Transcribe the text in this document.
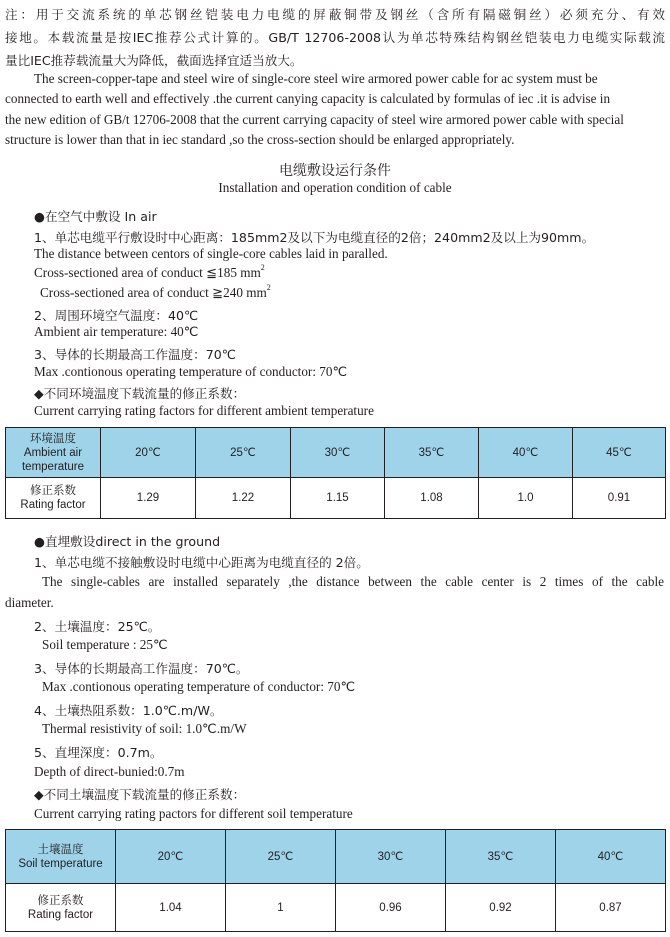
注：用于交流系统的单芯钢丝铠装电力电缆的屏蔽铜带及钢丝（含所有隔磁铜丝）必须充分、有效

接地。本载流量是按IEC推荐公式计算的。GB/T 12706-2008认为单芯特殊结构钢丝铠装电力电缆实际载流

量比IEC推荐载流量大为降低，截面选择宜适当放大。

The screen-copper-tape and steel wire of single-core steel wire armored power cable for ac system must be

connected to earth well and effectively .the current canying capacity is calculated by formulas of iec .it is advise in

the new edition of GB/t 12706-2008 that the current carrying capacity of steel wire armored power cable with special

structure is lower than that in iec standard ,so the cross-section should be enlarged appropriately.

电缆敷设运行条件

Installation and operation condition of cable

●在空气中敷设 In air

1、单芯电缆平行敷设时中心距离：185mm2及以下为电缆直径的2倍；240mm2及以上为90mm。

The distance between centors of single-core cables laid in paralled.

Cross-sectioned area of conduct ≦185 $mm^2$

Cross-sectioned area of conduct ≧240 $mm^2$

2、周围环境空气温度：40℃

Ambient air temperature: 40℃

3、导体的长期最高工作温度：70℃

Max .contionous operating temperature of conductor: 70℃

◆不同环境温度下载流量的修正系数：

Current carrying rating factors for different ambient temperature

环境温度
Ambient air
temperature	20℃	25℃	30℃	35℃	40℃	45℃

修正系数
Rating factor	1.29	1.22	1.15	1.08	1.0	0.91

●直埋敷设direct in the ground

1、单芯电缆不接触敷设时电缆中心距离为电缆直径的 2倍。

The single-cables are installed separately ,the distance between the cable center is 2 times of the cable

diameter.

2、土壤温度：25℃。

Soil temperature : 25℃

3、导体的长期最高工作温度：70℃。

Max .contionous operating temperature of conductor: 70℃

4、土壤热阻系数：1.0℃.m/W。

Thermal resistivity of soil: 1.0℃.m/W

5、直埋深度：0.7m。

Depth of direct-bunied:0.7m

◆不同土壤温度下载流量的修正系数：

Current carrying rating pactors for different soil temperature

土壤温度
Soil temperature	20℃	25℃	30℃	35℃	40℃

修正系数
Rating factor	1.04	1	0.96	0.92	0.87
